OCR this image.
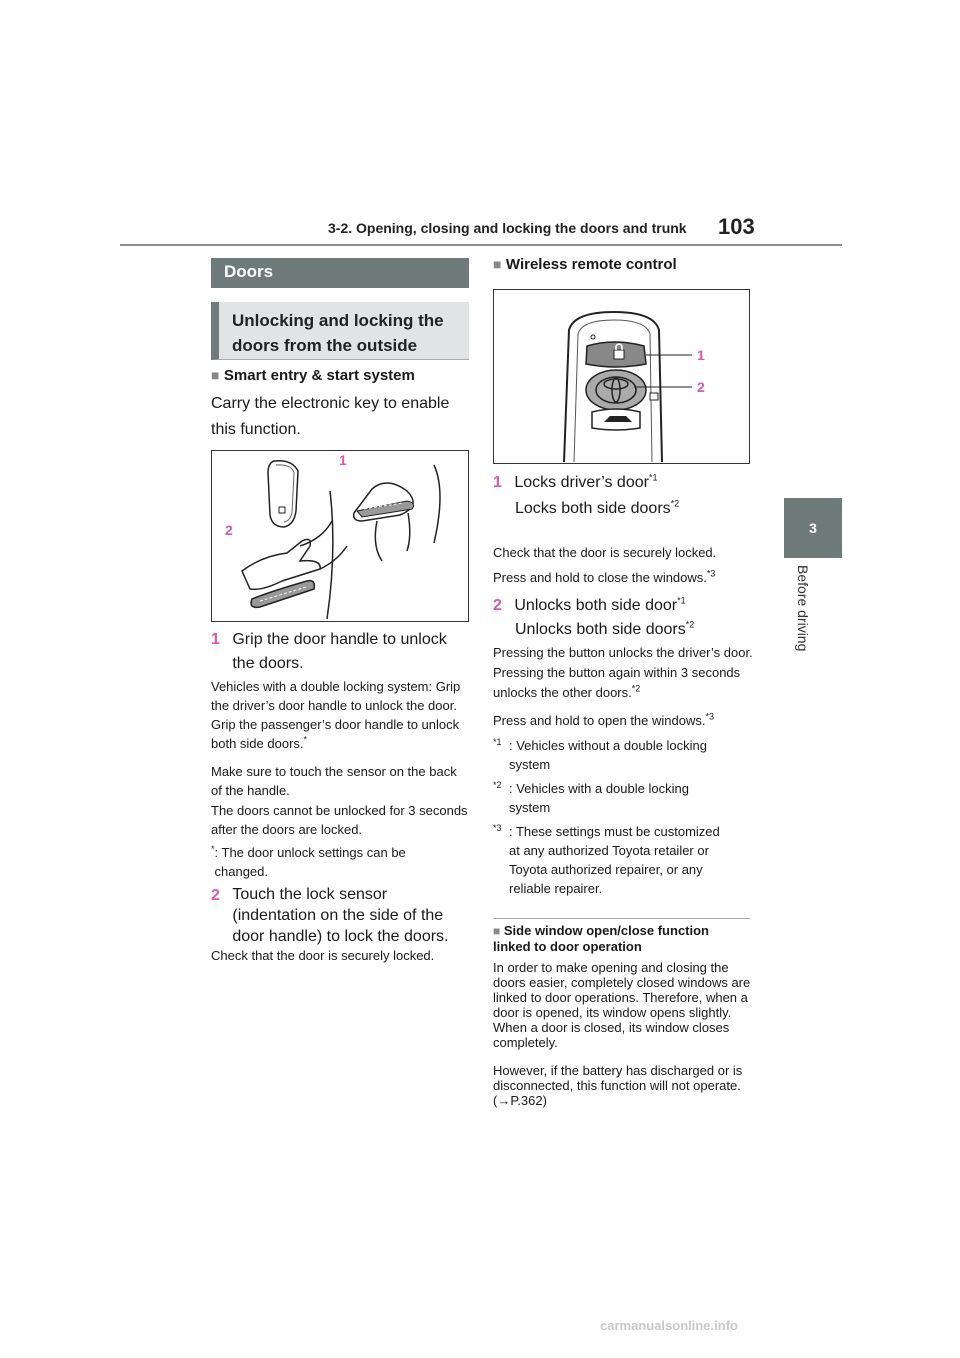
3-2. Opening, closing and locking the doors and trunk 103
3
Before driving
Doors
Unlocking and locking the doors from the outside
■ Smart entry & start system
Carry the electronic key to enable this function.
1
2
1 Grip the door handle to unlock the doors.
Vehicles with a double locking system: Grip the driver’s door handle to unlock the door. Grip the passenger’s door handle to unlock both side doors.*
Make sure to touch the sensor on the back of the handle.
The doors cannot be unlocked for 3 seconds after the doors are locked.
* : The door unlock settings can be changed.
2 Touch the lock sensor (indentation on the side of the door handle) to lock the doors.
Check that the door is securely locked.
■ Wireless remote control
1
2
1 Locks driver’s door$^{*1}$
Locks both side doors$^{*2}$
Check that the door is securely locked.
Press and hold to close the windows.$^{*3}$
2 Unlocks both side door$^{*1}$
Unlocks both side doors$^{*2}$
Pressing the button unlocks the driver’s door. Pressing the button again within 3 seconds unlocks the other doors.$^{*2}$
Press and hold to open the windows.$^{*3}$
*1 : Vehicles without a double locking system
*2 : Vehicles with a double locking system
*3 : These settings must be customized at any authorized Toyota retailer or Toyota authorized repairer, or any reliable repairer.
■ Side window open/close function linked to door operation
In order to make opening and closing the doors easier, completely closed windows are linked to door operations. Therefore, when a door is opened, its window opens slightly. When a door is closed, its window closes completely.
However, if the battery has discharged or is disconnected, this function will not operate. (→P.362)
carmanualsonline.info
